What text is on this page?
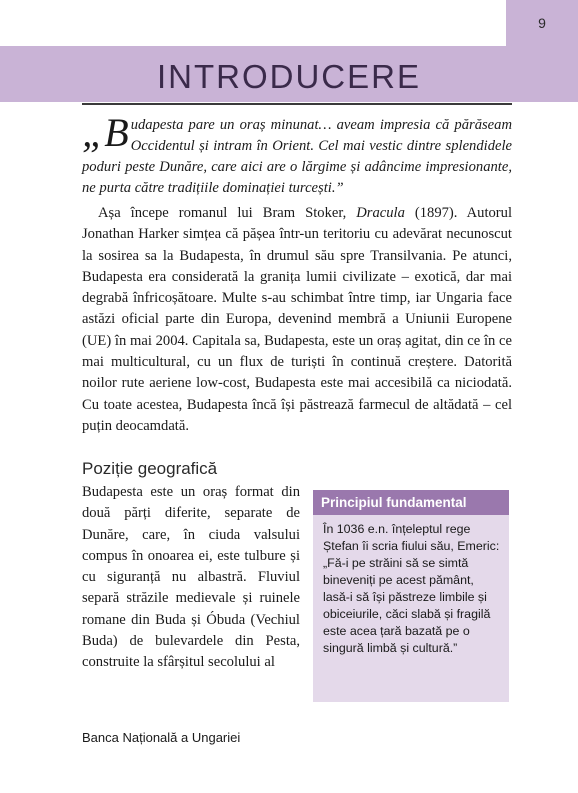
9
INTRODUCERE

„B udapesta pare un oraș minunat… aveam impresia că părăseam Occidentul și intram în Orient. Cel mai vestic dintre splendidele poduri peste Dunăre, care aici are o lărgime și adâncime impresionante, ne purta către tradițiile dominației turcești.”

Așa începe romanul lui Bram Stoker, Dracula (1897). Autorul Jonathan Harker simțea că pășea într-un teritoriu cu adevărat necunoscut la sosirea sa la Budapesta, în drumul său spre Transilvania. Pe atunci, Budapesta era considerată la granița lumii civilizate – exotică, dar mai degrabă înfricoșătoare. Multe s-au schimbat între timp, iar Ungaria face astăzi oficial parte din Europa, devenind membră a Uniunii Europene (UE) în mai 2004. Capitala sa, Budapesta, este un oraș agitat, din ce în ce mai multicultural, cu un flux de turiști în continuă creștere. Datorită noilor rute aeriene low-cost, Budapesta este mai accesibilă ca niciodată. Cu toate acestea, Budapesta încă își păstrează farmecul de altădată – cel puțin deocamdată.

Poziție geografică

Budapesta este un oraș format din două părți diferite, separate de Dunăre, care, în ciuda valsului compus în onoarea ei, este tulbure și cu siguranță nu albastră. Fluviul separă străzile medievale și ruinele romane din Buda și Óbuda (Vechiul Buda) de bulevardele din Pesta, construite la sfârșitul secolului al

Principiul fundamental

În 1036 e.n. înțeleptul rege Ștefan îi scria fiului său, Emeric: „Fă-i pe străini să se simtă bineveniți pe acest pământ, lasă-i să își păstreze limbile și obiceiurile, căci slabă și fragilă este acea țară bazată pe o singură limbă și cultură.”

Banca Națională a Ungariei
